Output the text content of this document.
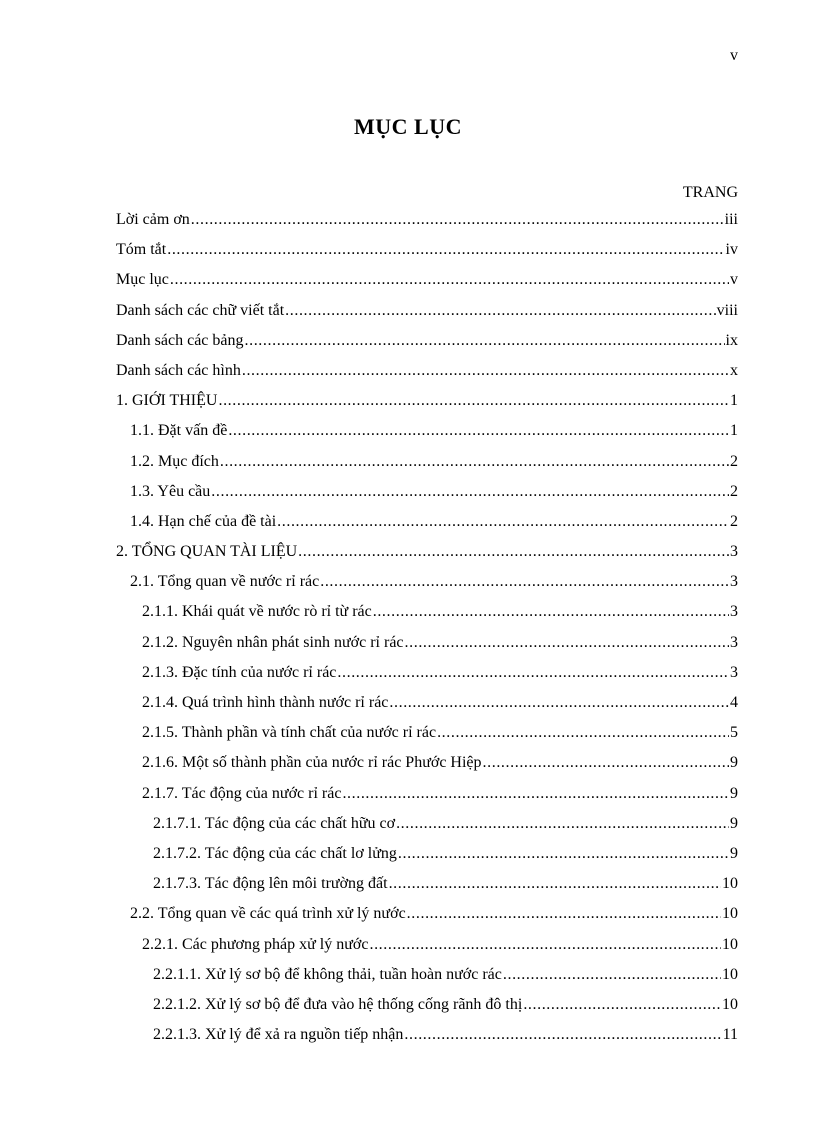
v
MỤC LỤC
TRANG
Lời cảm ơn .....	iii
Tóm tắt .....	iv
Mục lục .....	v
Danh sách các chữ viết tắt .....	viii
Danh sách các bảng .....	ix
Danh sách các hình .....	x
1. GIỚI THIỆU .....	1
1.1. Đặt vấn đề .....	1
1.2. Mục đích .....	2
1.3. Yêu cầu .....	2
1.4. Hạn chế của đề tài .....	2
2. TỔNG QUAN TÀI LIỆU .....	3
2.1. Tổng quan về nước rỉ rác .....	3
2.1.1. Khái quát về nước rò rỉ từ rác .....	3
2.1.2. Nguyên nhân phát sinh nước rỉ rác .....	3
2.1.3. Đặc tính của nước rỉ rác .....	3
2.1.4. Quá trình hình thành nước rỉ rác .....	4
2.1.5. Thành phần và tính chất của nước rỉ rác .....	5
2.1.6. Một số thành phần của nước rỉ rác Phước Hiệp .....	9
2.1.7. Tác động của nước rỉ rác .....	9
2.1.7.1. Tác động của các chất hữu cơ .....	9
2.1.7.2. Tác động của các chất lơ lửng .....	9
2.1.7.3. Tác động lên môi trường đất .....	10
2.2. Tổng quan về các quá trình xử lý nước .....	10
2.2.1. Các phương pháp xử lý nước .....	10
2.2.1.1. Xử lý sơ bộ để không thải, tuần hoàn nước rác .....	10
2.2.1.2. Xử lý sơ bộ để đưa vào hệ thống cống rãnh đô thị .....	10
2.2.1.3. Xử lý để xả ra nguồn tiếp nhận .....	11
